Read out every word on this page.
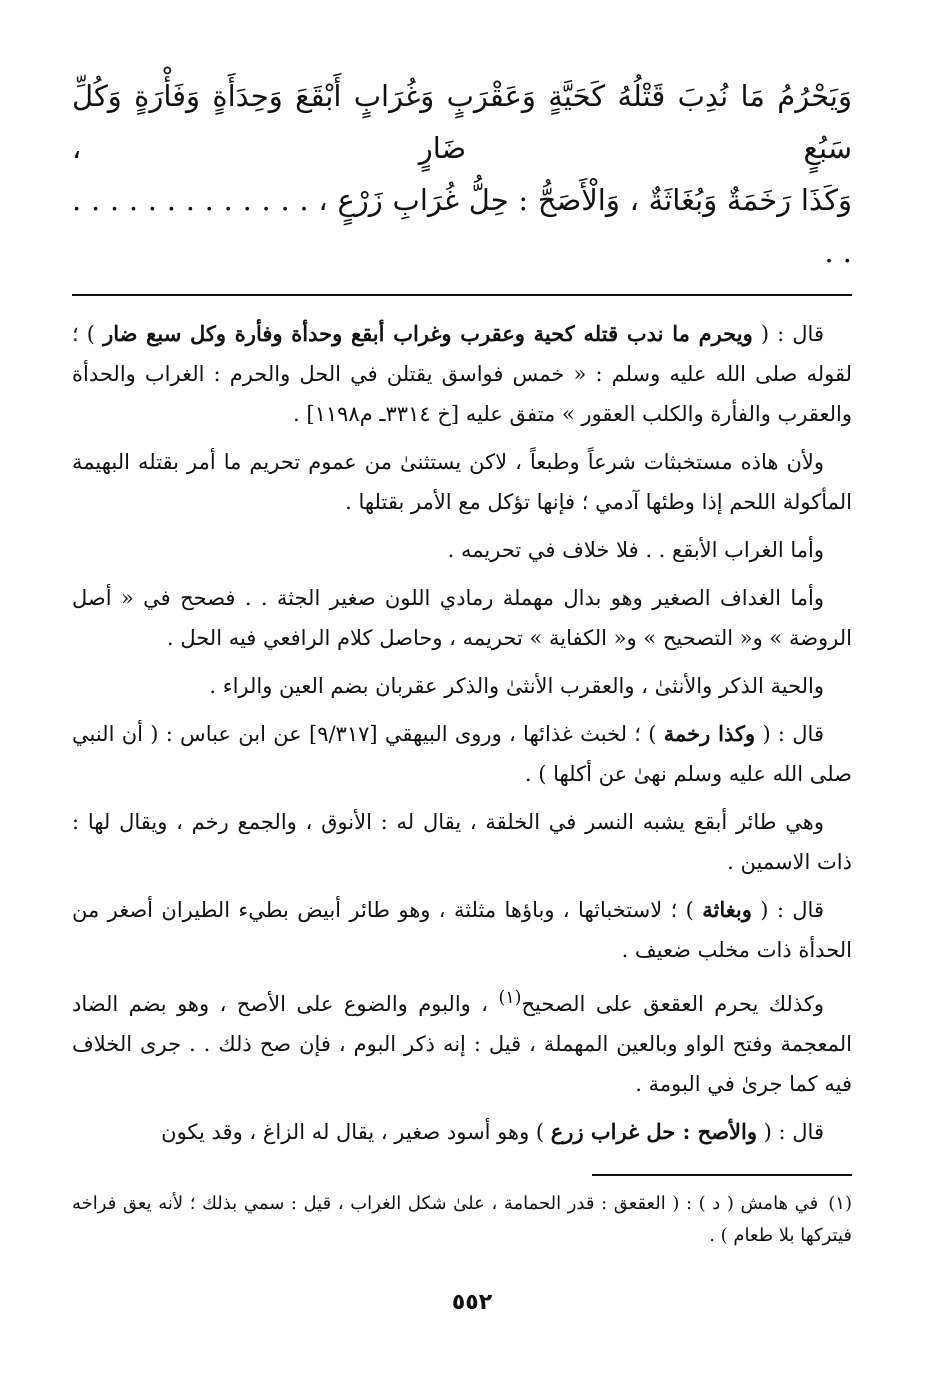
وَيَحْرُمُ مَا نُدِبَ قَتْلُهُ كَحَيَّةٍ وَعَقْرَبٍ وَغُرَابٍ أَبْقَعَ وَحِدَأَةٍ وَفَأْرَةٍ وَكُلِّ سَبُعٍ ضَارٍ ،
وَكَذَا رَخَمَةٌ وَبُغَاثَةٌ ، وَالْأَصَحُّ : حِلُّ غُرَابِ زَرْعٍ ، . . . . . . . . . . . . . . .

قال : ( ويحرم ما ندب قتله كحية وعقرب وغراب أبقع وحدأة وفأرة وكل سبع ضار ) ؛ لقوله صلى الله عليه وسلم : « خمس فواسق يقتلن في الحل والحرم : الغراب والحدأة والعقرب والفأرة والكلب العقور » متفق عليه [خ ٣٣١٤ـ م١١٩٨] .

ولأن هاذه مستخبثات شرعاً وطبعاً ، لاكن يستثنىٰ من عموم تحريم ما أمر بقتله البهيمة المأكولة اللحم إذا وطئها آدمي ؛ فإنها تؤكل مع الأمر بقتلها .

وأما الغراب الأبقع . . فلا خلاف في تحريمه .

وأما الغداف الصغير وهو بدال مهملة رمادي اللون صغير الجثة . . فصحح في « أصل الروضة » و« التصحيح » و« الكفاية » تحريمه ، وحاصل كلام الرافعي فيه الحل .

والحية الذكر والأنثىٰ ، والعقرب الأنثىٰ والذكر عقربان بضم العين والراء .

قال : ( وكذا رخمة ) ؛ لخبث غذائها ، وروى البيهقي [٩/٣١٧] عن ابن عباس : ( أن النبي صلى الله عليه وسلم نهىٰ عن أكلها ) .

وهي طائر أبقع يشبه النسر في الخلقة ، يقال له : الأنوق ، والجمع رخم ، ويقال لها : ذات الاسمين .

قال : ( وبغاثة ) ؛ لاستخباثها ، وباؤها مثلثة ، وهو طائر أبيض بطيء الطيران أصغر من الحدأة ذات مخلب ضعيف .

وكذلك يحرم العقعق على الصحيح$^{(١)}$ ، والبوم والضوع على الأصح ، وهو بضم الضاد المعجمة وفتح الواو وبالعين المهملة ، قيل : إنه ذكر البوم ، فإن صح ذلك . . جرى الخلاف فيه كما جرىٰ في البومة .

قال : ( والأصح : حل غراب زرع ) وهو أسود صغير ، يقال له الزاغ ، وقد يكون

(١)في هامش ( د ) : ( العقعق : قدر الحمامة ، علىٰ شكل الغراب ، قيل : سمي بذلك ؛ لأنه يعق فراخه فيتركها بلا طعام ) .

٥٥٢
